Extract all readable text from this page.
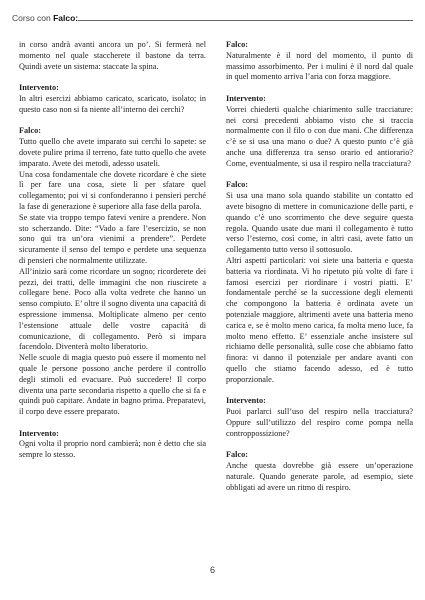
Corso con Falco:

in corso andrà avanti ancora un po’. Si fermerà nel momento nel quale staccherete il bastone da terra. Quindi avete un sistema: staccate la spina.

Intervento:

In altri esercizi abbiamo caricato, scaricato, isolato; in questo caso non si fa niente all’interno dei cerchi?

Falco:

Tutto quello che avete imparato sui cerchi lo sapete: se dovete pulire prima il terreno, fate tutto quello che avete imparato. Avete dei metodi, adesso usateli.

Una cosa fondamentale che dovete ricordare è che siete lì per fare una cosa, siete lì per sfatare quel collegamento; poi vi si confonderanno i pensieri perché la fase di generazione è superiore alla fase della parola.

Se state via troppo tempo fatevi venire a prendere. Non sto scherzando. Dite: “Vado a fare l’esercizio, se non sono qui tra un’ora vienimi a prendere”. Perdete sicuramente il senso del tempo e perdete una sequenza di pensieri che normalmente utilizzate.

All’inizio sarà come ricordare un sogno; ricorderete dei pezzi, dei tratti, delle immagini che non riuscirete a collegare bene. Poco alla volta vedrete che hanno un senso compiuto. E’ oltre il sogno diventa una capacità di espressione immensa. Moltiplicate almeno per cento l’estensione attuale delle vostre capacità di comunicazione, di collegamento. Però si impara facendolo. Diventerà molto liberatorio.

Nelle scuole di magia questo può essere il momento nel quale le persone possono anche perdere il controllo degli stimoli ed evacuare. Può succedere! Il corpo diventa una parte secondaria rispetto a quello che si fa e quindi può capitare. Andate in bagno prima. Preparatevi, il corpo deve essere preparato.

Intervento:

Ogni volta il proprio nord cambierà; non è detto che sia sempre lo stesso.

Falco:

Naturalmente è il nord del momento, il punto di massimo assorbimento. Per i mulini è il nord dal quale in quel momento arriva l’aria con forza maggiore.

Intervento:

Vorrei chiederti qualche chiarimento sulle tracciature: nei corsi precedenti abbiamo visto che si traccia normalmente con il filo o con due mani. Che differenza c’è se si usa una mano o due? A questo punto c’è già anche una differenza tra senso orario ed antiorario? Come, eventualmente, si usa il respiro nella tracciatura?

Falco:

Si usa una mano sola quando stabilite un contatto ed avete bisogno di mettere in comunicazione delle parti, e quando c’è uno scorrimento che deve seguire questa regola. Quando usate due mani il collegamento è tutto verso l’esterno, così come, in altri casi, avete fatto un collegamento tutto verso il sottosuolo.

Altri aspetti particolari: voi siete una batteria e questa batteria va riordinata. Vi ho ripetuto più volte di fare i famosi esercizi per riordinare i vostri piatti. E’ fondamentale perché se la successione degli elementi che compongono la batteria è ordinata avete un potenziale maggiore, altrimenti avete una batteria meno carica e, se è molto meno carica, fa molta meno luce, fa molto meno effetto. E’ essenziale anche insistere sul richiamo delle personalità, sulle cose che abbiamo fatto finora: vi danno il potenziale per andare avanti con quello che stiamo facendo adesso, ed è tutto proporzionale.

Intervento:

Puoi parlarci sull’uso del respiro nella tracciatura? Oppure sull’utilizzo del respiro come pompa nella controppossizione?

Falco:

Anche questa dovrebbe già essere un’operazione naturale. Quando generate parole, ad esempio, siete obbligati ad avere un ritmo di respiro.

6
